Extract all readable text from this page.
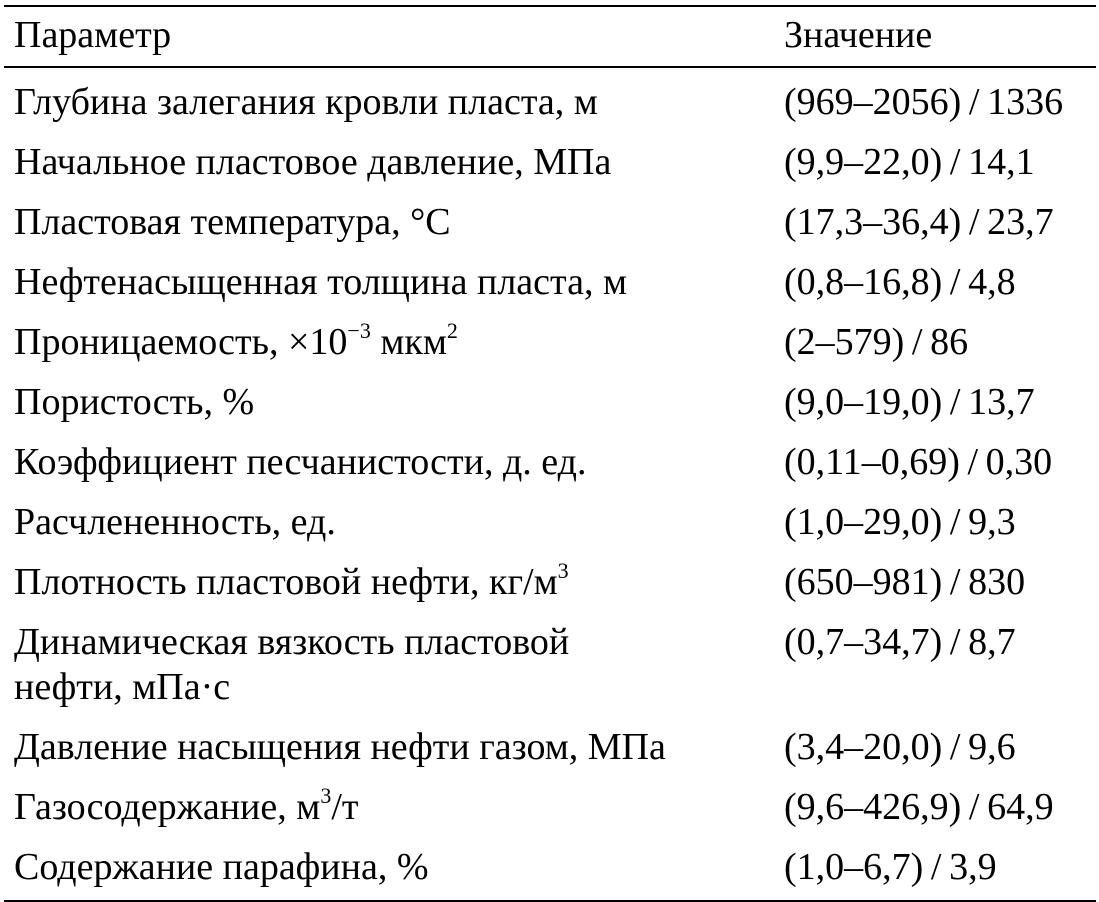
Параметр	Значение
Глубина залегания кровли пласта, м	(969–2056) / 1336
Начальное пластовое давление, МПа	(9,9–22,0) / 14,1
Пластовая температура, °С	(17,3–36,4) / 23,7
Нефтенасыщенная толщина пласта, м	(0,8–16,8) / 4,8
Проницаемость, $\times 10^{-3}$ мкм$^2$	(2–579) / 86
Пористость, %	(9,0–19,0) / 13,7
Коэффициент песчанистости, д. ед.	(0,11–0,69) / 0,30
Расчлененность, ед.	(1,0–29,0) / 9,3
Плотность пластовой нефти, $кг/м^3$	(650–981) / 830
Динамическая вязкость пластовой
нефти, мПа·с	(0,7–34,7) / 8,7
Давление насыщения нефти газом, МПа	(3,4–20,0) / 9,6
Газосодержание, $м^3/т$	(9,6–426,9) / 64,9
Содержание парафина, %	(1,0–6,7) / 3,9
